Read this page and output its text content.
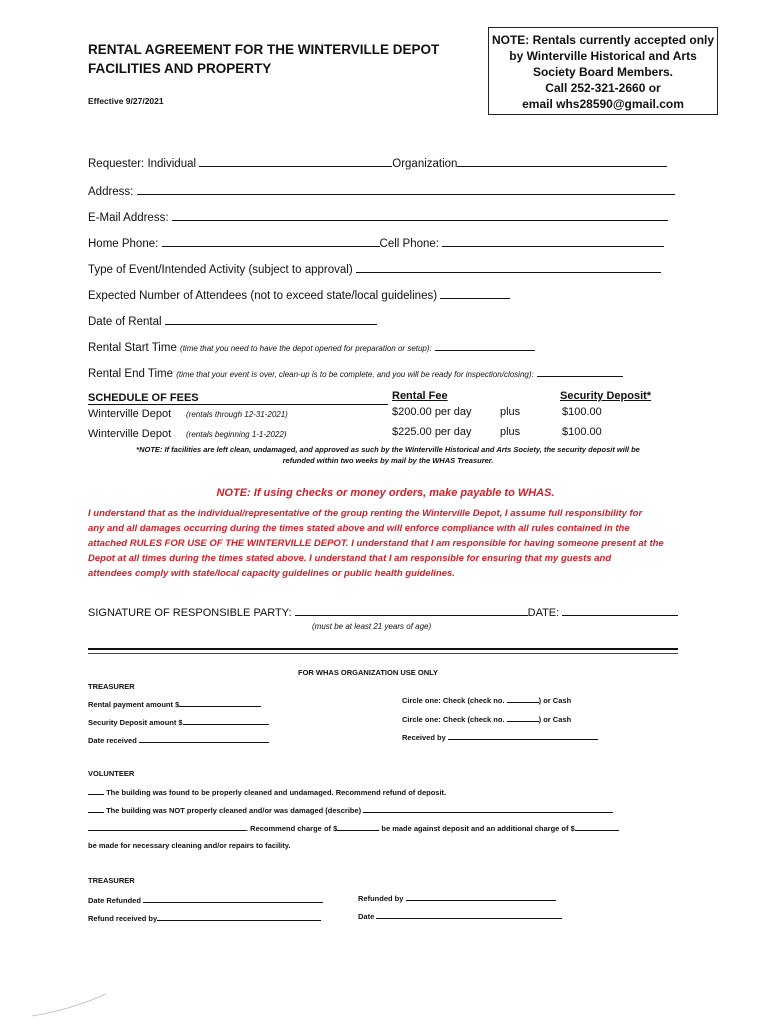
RENTAL AGREEMENT FOR THE WINTERVILLE DEPOT
FACILITIES AND PROPERTY
Effective 9/27/2021
NOTE: Rentals currently accepted only
by Winterville Historical and Arts
Society Board Members.
Call 252-321-2660 or
email whs28590@gmail.com
Requester: Individual	Organization
Address:
E-Mail Address:
Home Phone:	Cell Phone:
Type of Event/Intended Activity (subject to approval)
Expected Number of Attendees (not to exceed state/local guidelines)
Date of Rental
Rental Start Time (time that you need to have the depot opened for preparation or setup):
Rental End Time (time that your event is over, clean-up is to be complete, and you will be ready for inspection/closing):
SCHEDULE OF FEES	Rental Fee	Security Deposit*
Winterville Depot (rentals through 12-31-2021)	$200.00 per day	plus	$100.00
Winterville Depot (rentals beginning 1-1-2022)	$225.00 per day	plus	$100.00
*NOTE: If facilities are left clean, undamaged, and approved as such by the Winterville Historical and Arts Society, the security deposit will be
refunded within two weeks by mail by the WHAS Treasurer.
NOTE: If using checks or money orders, make payable to WHAS.
I understand that as the individual/representative of the group renting the Winterville Depot, I assume full responsibility for
any and all damages occurring during the times stated above and will enforce compliance with all rules contained in the
attached RULES FOR USE OF THE WINTERVILLE DEPOT. I understand that I am responsible for having someone present at the
Depot at all times during the times stated above. I understand that I am responsible for ensuring that my guests and
attendees comply with state/local capacity guidelines or public health guidelines.
SIGNATURE OF RESPONSIBLE PARTY:	DATE:
(must be at least 21 years of age)
FOR WHAS ORGANIZATION USE ONLY
TREASURER
Rental payment amount $
Security Deposit amount $
Date received
Circle one: Check (check no.	) or Cash
Circle one: Check (check no.	) or Cash
Received by
VOLUNTEER
The building was found to be properly cleaned and undamaged. Recommend refund of deposit.
The building was NOT properly cleaned and/or was damaged (describe)
. Recommend charge of $	be made against deposit and an additional charge of $
be made for necessary cleaning and/or repairs to facility.
TREASURER
Date Refunded
Refund received by
Refunded by
Date
